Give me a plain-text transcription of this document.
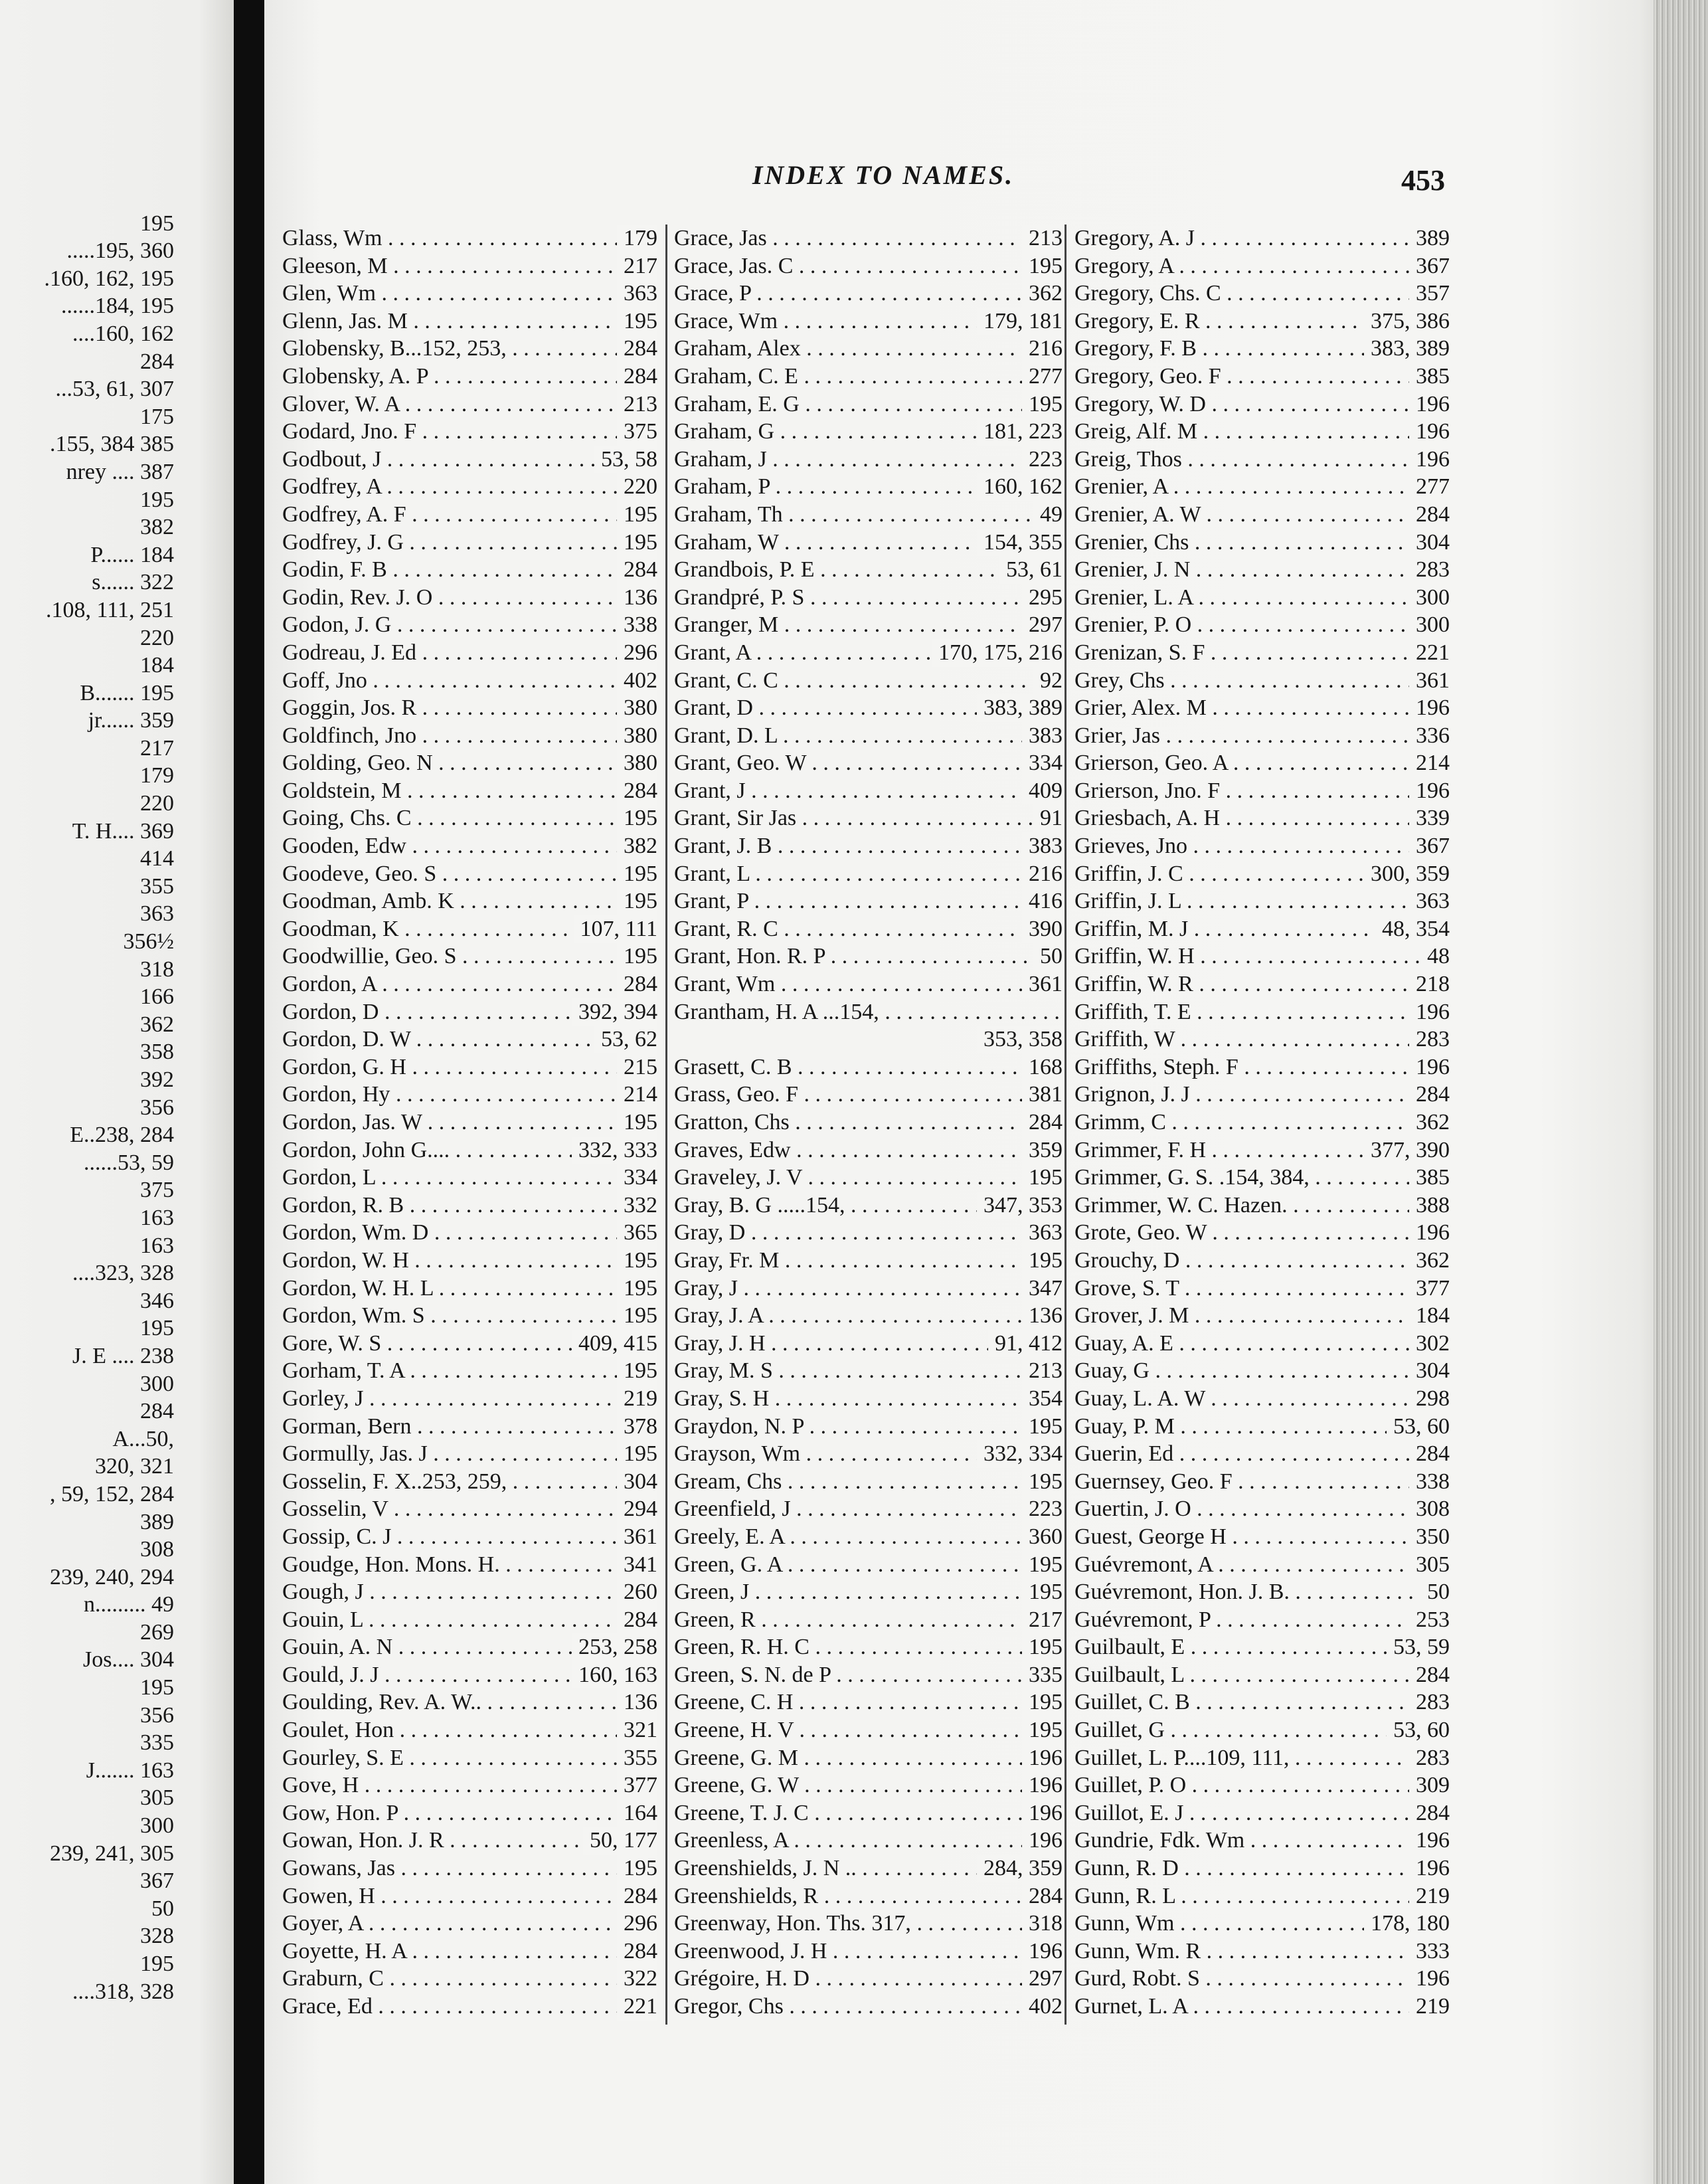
195
.....195, 360
.160, 162, 195
......184, 195
....160, 162
284
...53, 61, 307
175
.155, 384 385
nrey .... 387
195
382
P...... 184
s...... 322
.108, 111, 251
220
184
B....... 195
jr...... 359
217
179
220
T. H.... 369
414
355
363
356½
318
166
362
358
392
356
E..238, 284
......53, 59
375
163
163
....323, 328
346
195
J. E .... 238
300
284
A...50,
320, 321
, 59, 152, 284
389
308
239, 240, 294
n......... 49
269
Jos.... 304
195
356
335
J....... 163
305
300
239, 241, 305
367
50
328
195
....318, 328
INDEX TO NAMES.	453
Glass, Wm . . .	179
Gleeson, M . . .	217
Glen, Wm . . .	363
Glenn, Jas. M . . .	195
Globensky, B...152, 253, . . .	284
Globensky, A. P . . .	284
Glover, W. A . . .	213
Godard, Jno. F . . .	375
Godbout, J . . .	53, 58
Godfrey, A . . .	220
Godfrey, A. F . . .	195
Godfrey, J. G . . .	195
Godin, F. B . . .	284
Godin, Rev. J. O . . .	136
Godon, J. G . . .	338
Godreau, J. Ed . . .	296
Goff, Jno . . .	402
Goggin, Jos. R . . .	380
Goldfinch, Jno . . .	380
Golding, Geo. N . . .	380
Goldstein, M . . .	284
Going, Chs. C . . .	195
Gooden, Edw . . .	382
Goodeve, Geo. S . . .	195
Goodman, Amb. K . . .	195
Goodman, K . . .	107, 111
Goodwillie, Geo. S . . .	195
Gordon, A . . .	284
Gordon, D . . .	392, 394
Gordon, D. W . . .	53, 62
Gordon, G. H . . .	215
Gordon, Hy . . .	214
Gordon, Jas. W . . .	195
Gordon, John G.... . . .	332, 333
Gordon, L . . .	334
Gordon, R. B . . .	332
Gordon, Wm. D . . .	365
Gordon, W. H . . .	195
Gordon, W. H. L . . .	195
Gordon, Wm. S . . .	195
Gore, W. S . . .	409, 415
Gorham, T. A . . .	195
Gorley, J . . .	219
Gorman, Bern . . .	378
Gormully, Jas. J . . .	195
Gosselin, F. X..253, 259, . . .	304
Gosselin, V . . .	294
Gossip, C. J . . .	361
Goudge, Hon. Mons. H. . . .	341
Gough, J . . .	260
Gouin, L . . .	284
Gouin, A. N . . .	253, 258
Gould, J. J . . .	160, 163
Goulding, Rev. A. W.. . . .	136
Goulet, Hon . . .	321
Gourley, S. E . . .	355
Gove, H . . .	377
Gow, Hon. P . . .	164
Gowan, Hon. J. R . . .	50, 177
Gowans, Jas . . .	195
Gowen, H . . .	284
Goyer, A . . .	296
Goyette, H. A . . .	284
Graburn, C . . .	322
Grace, Ed . . .	221
Grace, Jas . . .	213
Grace, Jas. C . . .	195
Grace, P . . .	362
Grace, Wm . . .	179, 181
Graham, Alex . . .	216
Graham, C. E . . .	277
Graham, E. G . . .	195
Graham, G . . .	181, 223
Graham, J . . .	223
Graham, P . . .	160, 162
Graham, Th . . .	49
Graham, W . . .	154, 355
Grandbois, P. E . . .	53, 61
Grandpré, P. S . . .	295
Granger, M . . .	297
Grant, A . . .	170, 175, 216
Grant, C. C . . .	92
Grant, D . . .	383, 389
Grant, D. L . . .	383
Grant, Geo. W . . .	334
Grant, J . . .	409
Grant, Sir Jas . . .	91
Grant, J. B . . .	383
Grant, L . . .	216
Grant, P . . .	416
Grant, R. C . . .	390
Grant, Hon. R. P . . .	50
Grant, Wm . . .	361
Grantham, H. A ...154, . . .
353, 358
Grasett, C. B . . .	168
Grass, Geo. F . . .	381
Gratton, Chs . . .	284
Graves, Edw . . .	359
Graveley, J. V . . .	195
Gray, B. G .....154, . . .	347, 353
Gray, D . . .	363
Gray, Fr. M . . .	195
Gray, J . . .	347
Gray, J. A . . .	136
Gray, J. H . . .	91, 412
Gray, M. S . . .	213
Gray, S. H . . .	354
Graydon, N. P . . .	195
Grayson, Wm . . .	332, 334
Gream, Chs . . .	195
Greenfield, J . . .	223
Greely, E. A . . .	360
Green, G. A . . .	195
Green, J . . .	195
Green, R . . .	217
Green, R. H. C . . .	195
Green, S. N. de P . . .	335
Greene, C. H . . .	195
Greene, H. V . . .	195
Greene, G. M . . .	196
Greene, G. W . . .	196
Greene, T. J. C . . .	196
Greenless, A . . .	196
Greenshields, J. N .. . . .	284, 359
Greenshields, R . . .	284
Greenway, Hon. Ths. 317, . . .	318
Greenwood, J. H . . .	196
Grégoire, H. D . . .	297
Gregor, Chs . . .	402
Gregory, A. J . . .	389
Gregory, A . . .	367
Gregory, Chs. C . . .	357
Gregory, E. R . . .	375, 386
Gregory, F. B . . .	383, 389
Gregory, Geo. F . . .	385
Gregory, W. D . . .	196
Greig, Alf. M . . .	196
Greig, Thos . . .	196
Grenier, A . . .	277
Grenier, A. W . . .	284
Grenier, Chs . . .	304
Grenier, J. N . . .	283
Grenier, L. A . . .	300
Grenier, P. O . . .	300
Grenizan, S. F . . .	221
Grey, Chs . . .	361
Grier, Alex. M . . .	196
Grier, Jas . . .	336
Grierson, Geo. A . . .	214
Grierson, Jno. F . . .	196
Griesbach, A. H . . .	339
Grieves, Jno . . .	367
Griffin, J. C . . .	300, 359
Griffin, J. L . . .	363
Griffin, M. J . . .	48, 354
Griffin, W. H . . .	48
Griffin, W. R . . .	218
Griffith, T. E . . .	196
Griffith, W . . .	283
Griffiths, Steph. F . . .	196
Grignon, J. J . . .	284
Grimm, C . . .	362
Grimmer, F. H . . .	377, 390
Grimmer, G. S. .154, 384, . . .	385
Grimmer, W. C. Hazen. . . .	388
Grote, Geo. W . . .	196
Grouchy, D . . .	362
Grove, S. T . . .	377
Grover, J. M . . .	184
Guay, A. E . . .	302
Guay, G . . .	304
Guay, L. A. W . . .	298
Guay, P. M . . .	53, 60
Guerin, Ed . . .	284
Guernsey, Geo. F . . .	338
Guertin, J. O . . .	308
Guest, George H . . .	350
Guévremont, A . . .	305
Guévremont, Hon. J. B. . . .	50
Guévremont, P . . .	253
Guilbault, E . . .	53, 59
Guilbault, L . . .	284
Guillet, C. B . . .	283
Guillet, G . . .	53, 60
Guillet, L. P....109, 111, . . .	283
Guillet, P. O . . .	309
Guillot, E. J . . .	284
Gundrie, Fdk. Wm . . .	196
Gunn, R. D . . .	196
Gunn, R. L . . .	219
Gunn, Wm . . .	178, 180
Gunn, Wm. R . . .	333
Gurd, Robt. S . . .	196
Gurnet, L. A . . .	219
